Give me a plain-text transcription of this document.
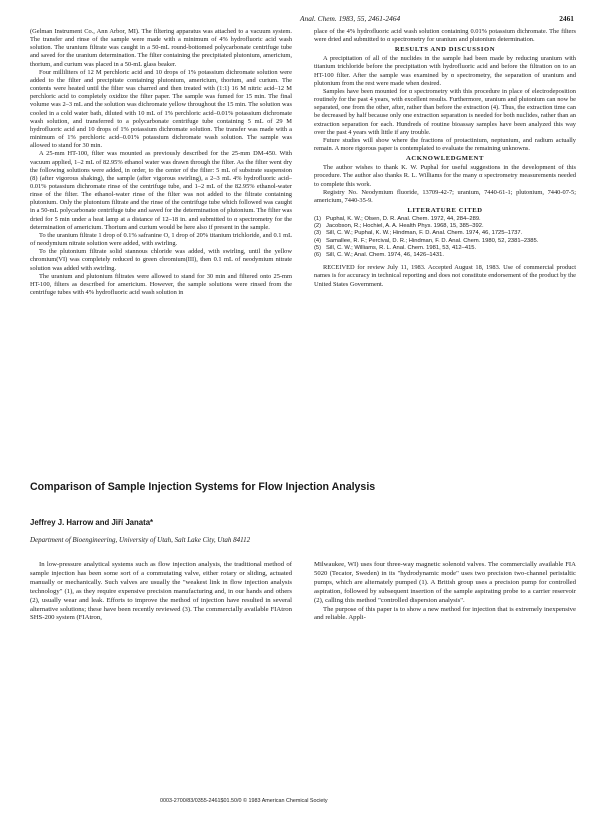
Anal. Chem. 1983, 55, 2461-2464	2461

(Gelman Instrument Co., Ann Arbor, MI). The filtering apparatus was attached to a vacuum system. The transfer and rinse of the sample were made with a minimum of 4% hydrofluoric acid wash solution. The uranium filtrate was caught in a 50-mL round-bottomed polycarbonate centrifuge tube and saved for the uranium determination. The filter containing the precipitated plutonium, americium, thorium, and curium was placed in a 50-mL glass beaker.

Four milliliters of 12 M perchloric acid and 10 drops of 1% potassium dichromate solution were added to the filter and precipitate containing plutonium, americium, thorium, and curium. The contents were heated until the filter was charred and then treated with (1:1) 16 M nitric acid–12 M perchloric acid to completely oxidize the filter paper. The sample was fumed for 15 min. The final volume was 2–3 mL and the solution was dichromate yellow throughout the 15 min. The solution was cooled in a cold water bath, diluted with 10 mL of 1% perchloric acid–0.01% potassium dichromate wash solution, and transferred to a polycarbonate centrifuge tube containing 5 mL of 29 M hydrofluoric acid and 10 drops of 1% potassium dichromate solution. The transfer was made with a minimum of 1% perchloric acid–0.01% potassium dichromate wash solution. The sample was allowed to stand for 30 min.

A 25-mm HT-100, filter was mounted as previously described for the 25-mm DM-450. With vacuum applied, 1–2 mL of 82.95% ethanol water was drawn through the filter. As the filter went dry the following solutions were added, in order, to the center of the filter: 5 mL of substrate suspension (8) (after vigorous shaking), the sample (after vigorous swirling), a 2–3 mL 4% hydrofluoric acid–0.01% potassium dichromate rinse of the centrifuge tube, and 1–2 mL of the 82.95% ethanol-water rinse of the filter. The ethanol-water rinse of the filter was not added to the filtrate containing plutonium. Only the plutonium filtrate and the rinse of the centrifuge tube which followed was caught in a 50-mL polycarbonate centrifuge tube and saved for the determination of plutonium. The filter was dried for 5 min under a heat lamp at a distance of 12–18 in. and submitted to α spectrometry for the determination of americium. Thorium and curium would be here also if present in the sample.

To the uranium filtrate 1 drop of 0.1% safranine O, 1 drop of 20% titanium trichloride, and 0.1 mL of neodymium nitrate solution were added, with swirling.

To the plutonium filtrate solid stannous chloride was added, with swirling, until the yellow chromium(VI) was completely reduced to green chromium(III), then 0.1 mL of neodymium nitrate solution was added with swirling.

The uranium and plutonium filtrates were allowed to stand for 30 min and filtered onto 25-mm HT-100, filters as described for americium. However, the sample solutions were rinsed from the centrifuge tubes with 4% hydrofluoric acid wash solution in

place of the 4% hydrofluoric acid wash solution containing 0.01% potassium dichromate. The filters were dried and submitted to α spectrometry for uranium and plutonium determination.

RESULTS AND DISCUSSION

A precipitation of all of the nuclides in the sample had been made by reducing uranium with titanium trichloride before the precipitation with hydrofluoric acid and before the filtration on to an HT-100 filter. After the sample was examined by α spectrometry, the separation of uranium and plutonium from the rest were made when desired.

Samples have been mounted for α spectrometry with this procedure in place of electrodeposition routinely for the past 4 years, with excellent results. Furthermore, uranium and plutonium can now be separated, one from the other, after, rather than before the extraction (4). Thus, the extraction time can be decreased by half because only one extraction separation is needed for both nuclides, rather than an extraction separation for each. Hundreds of routine bioassay samples have been analyzed this way over the past 4 years with little if any trouble.

Future studies will show where the fractions of protactinium, neptunium, and radium actually remain. A more rigorous paper is contemplated to evaluate the remaining unknowns.

ACKNOWLEDGMENT

The author wishes to thank K. W. Puphal for useful suggestions in the development of this procedure. The author also thanks R. L. Williams for the many α spectrometry measurements needed to complete this work.

Registry No. Neodymium fluoride, 13709-42-7; uranium, 7440-61-1; plutonium, 7440-07-5; americium, 7440-35-9.

LITERATURE CITED
(1) Puphal, K. W.; Olsen, D. R. Anal. Chem. 1972, 44, 284–289.
(2) Jacobson, R.; Hochiel, A. A. Health Phys. 1968, 15, 385–392.
(3) Sill, C. W.; Puphal, K. W.; Hindman, F. D. Anal. Chem. 1974, 46, 1725–1737.
(4) Samallee, R. F.; Percival, D. R.; Hindman, F. D. Anal. Chem. 1980, 52, 2381–2385.
(5) Sill, C. W.; Williams, R. L. Anal. Chem. 1981, 53, 412–415.
(6) Sill, C. W.; Anal. Chem. 1974, 46, 1426–1431.

RECEIVED for review July 11, 1983. Accepted August 18, 1983. Use of commercial product names is for accuracy in technical reporting and does not constitute endorsement of the product by the United States Government.

Comparison of Sample Injection Systems for Flow Injection Analysis
Jeffrey J. Harrow and Jiří Janata*
Department of Bioengineering, University of Utah, Salt Lake City, Utah 84112

In low-pressure analytical systems such as flow injection analysis, the traditional method of sample injection has been some sort of a commutating valve, either rotary or sliding, actuated manually or mechanically. Such valves are usually the "weakest link in flow injection analysis technology" (1), as they require expensive precision manufacturing and, in our hands and others (2), usually wear and leak. Efforts to improve the method of injection have resulted in several alternative solutions; these have been recently reviewed (3). The commercially available FIAtron SHS-200 system (FIAtron,

Milwaukee, WI) uses four three-way magnetic solenoid valves. The commercially available FIA 5020 (Tecator, Sweden) in its "hydrodynamic mode" uses two precision two-channel peristaltic pumps, which are alternately pumped (1). A British group uses a precision pump for controlled aspiration, followed by subsequent insertion of the sample aspirating probe to a carrier reservoir (2), calling this method "controlled dispersion analysis".

The purpose of this paper is to show a new method for injection that is extremely inexpensive and reliable. Appli-

0003-2700/83/0355-2461$01.50/0 © 1983 American Chemical Society
